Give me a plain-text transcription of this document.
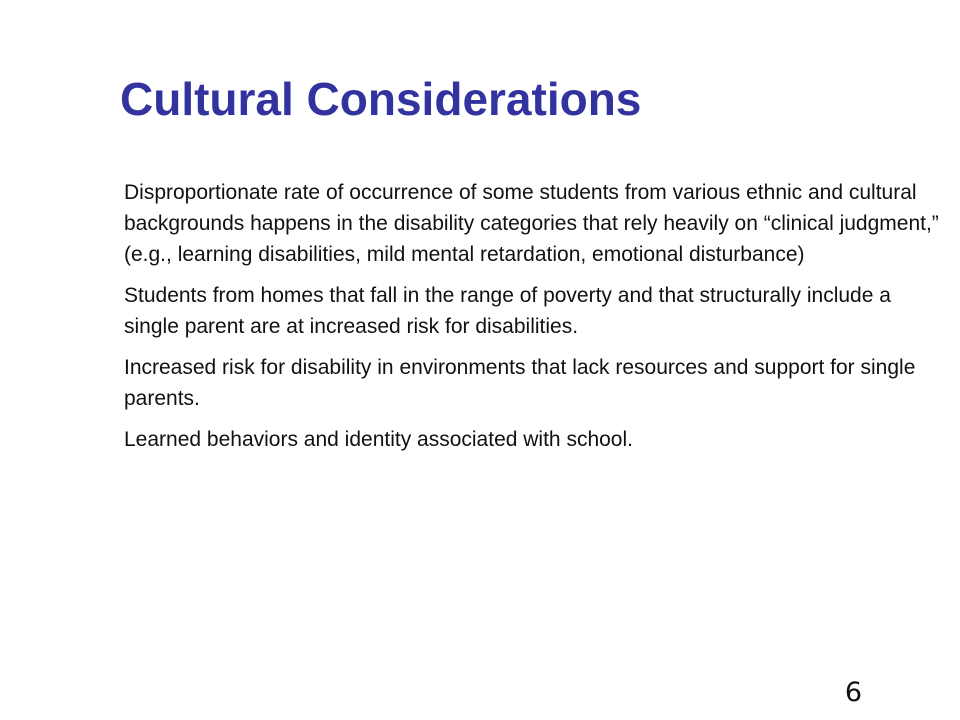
Cultural Considerations
Disproportionate rate of occurrence of some students from various ethnic and cultural backgrounds happens in the disability categories that rely heavily on “clinical judgment,” (e.g., learning disabilities, mild mental retardation, emotional disturbance)
Students from homes that fall in the range of poverty and that structurally include a single parent are at increased risk for disabilities.
Increased risk for disability in environments that lack resources and support for single parents.
Learned behaviors and identity associated with school.
6
